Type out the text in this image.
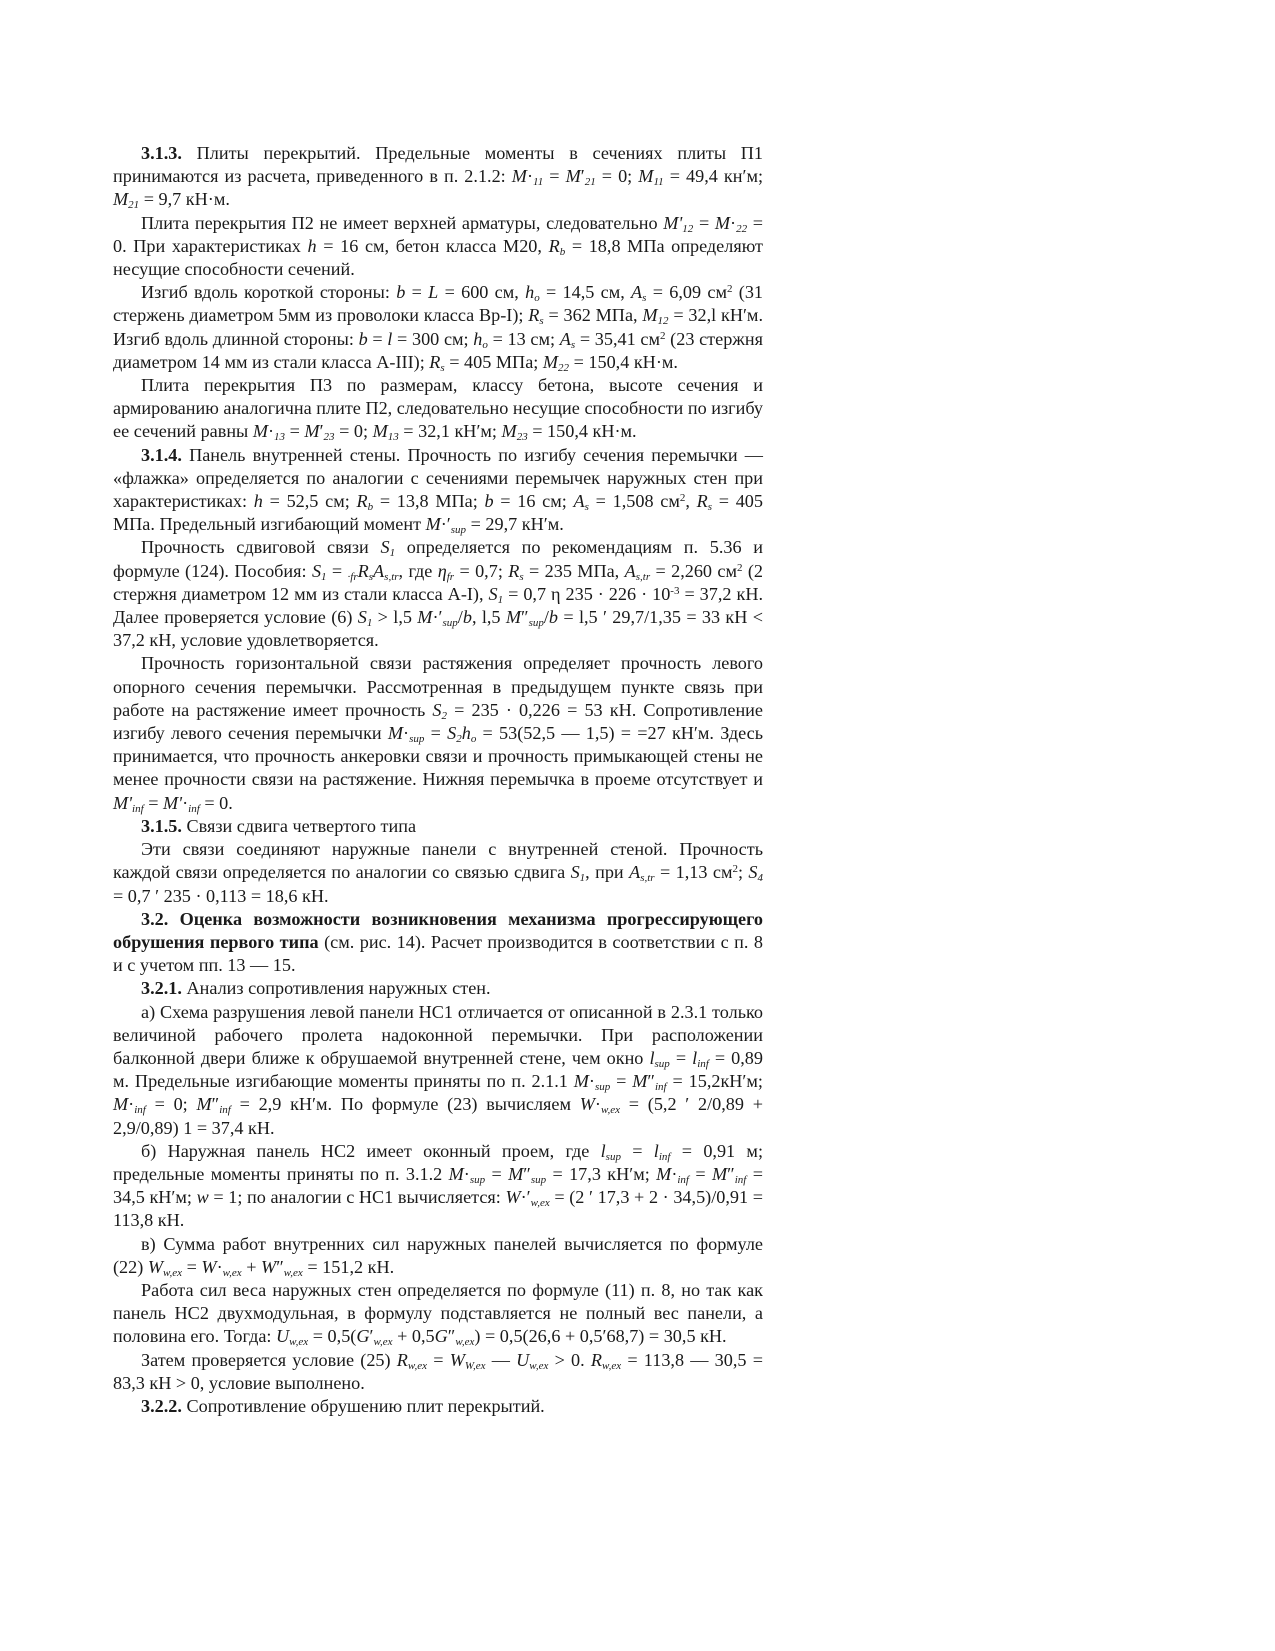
3.1.3. Плиты перекрытий. Предельные моменты в сечениях плиты П1 принимаются из расчета, приведенного в п. 2.1.2: $M\cdot_{11} = M'_{21} = 0$; $M_{11} = 49,4$ кн′м; $M_{21} = 9,7$ кН·м.

Плита перекрытия П2 не имеет верхней арматуры, следовательно $M'_{12} = M\cdot_{22} = 0$. При характеристиках h = 16 см, бетон класса М20, $R_b = 18,8$ МПа определяют несущие способности сечений.

Изгиб вдоль короткой стороны: b = L = 600 см, $h_o = 14,5$ см, $A_s = 6,09$ $см^2$ (31 стержень диаметром 5мм из проволоки класса Вр-I); $R_s = 362$ МПа, $M_{12} = 32,l$ кН′м. Изгиб вдоль длинной стороны: b = l = 300 см; $h_o = 13$ см; $A_s = 35,41$ $см^2$ (23 стержня диаметром 14 мм из стали класса А-III); $R_s = 405$ МПа; $M_{22} = 150,4$ кН·м.

Плита перекрытия П3 по размерам, классу бетона, высоте сечения и армированию аналогична плите П2, следовательно несущие способности по изгибу ее сечений равны $M\cdot_{13} = M'_{23} = 0$; $M_{13} = 32,1$ кН′м; $M_{23} = 150,4$ кН·м.

3.1.4. Панель внутренней стены. Прочность по изгибу сечения перемычки — «флажка» определяется по аналогии с сечениями перемычек наружных стен при характеристиках: h = 52,5 см; $R_b = 13,8$ МПа; b = 16 см; $A_s = 1,508$ $см^2$, $R_s = 405$ МПа. Предельный изгибающий момент $M\cdot'_{sup} = 29,7$ кН′м.

Прочность сдвиговой связи $S_1$ определяется по рекомендациям п. 5.36 и формуле (124). Пособия: $S_1 = _{\cdot fr}R_sA_{s,tr}$, где $\eta_{fr} = 0,7$; $R_s = 235$ МПа, $A_{s,tr} = 2,260$ $см^2$ (2 стержня диаметром 12 мм из стали класса А-I), $S_1 = 0,7$ η $235 \cdot 226 \cdot 10^{-3} = 37,2$ кН. Далее проверяется условие (6) $S_1 > l,5$ $M\cdot'_{sup}/b$, l,5 $M''_{sup}/b = l,5$ ′ 29,7/1,35 = 33 кН < 37,2 кН, условие удовлетворяется.

Прочность горизонтальной связи растяжения определяет прочность левого опорного сечения перемычки. Рассмотренная в предыдущем пункте связь при работе на растяжение имеет прочность $S_2 = 235 \cdot 0,226 = 53$ кН. Сопротивление изгибу левого сечения перемычки $M\cdot_{sup} = S_2h_o = 53(52,5$ — 1,5) = =27 кН′м. Здесь принимается, что прочность анкеровки связи и прочность примыкающей стены не менее прочности связи на растяжение. Нижняя перемычка в проеме отсутствует и $M'_{inf} = M'\cdot_{inf} = 0$.

3.1.5. Связи сдвига четвертого типа

Эти связи соединяют наружные панели с внутренней стеной. Прочность каждой связи определяется по аналогии со связью сдвига $S_1$, при $A_{s,tr} = 1,13$ $см^2$; $S_4 = 0,7$ ′ 235 · 0,113 = 18,6 кН.

3.2. Оценка возможности возникновения механизма прогрессирующего обрушения первого типа (см. рис. 14). Расчет производится в соответствии с п. 8 и с учетом пп. 13 — 15.

3.2.1. Анализ сопротивления наружных стен.

а) Схема разрушения левой панели НС1 отличается от описанной в 2.3.1 только величиной рабочего пролета надоконной перемычки. При расположении балконной двери ближе к обрушаемой внутренней стене, чем окно $l_{sup} = l_{inf} = 0,89$ м. Предельные изгибающие моменты приняты по п. 2.1.1 $M\cdot_{sup} = M''_{inf} = 15,2кН'м$; $M\cdot_{inf} = 0$; $M''_{inf} = 2,9$ кН′м. По формуле (23) вычисляем $W\cdot_{w,ex} = (5,2$ ′ 2/0,89 + 2,9/0,89) 1 = 37,4 кН.

б) Наружная панель НС2 имеет оконный проем, где $l_{sup} = l_{inf} = 0,91$ м; предельные моменты приняты по п. 3.1.2 $M\cdot_{sup} = M''_{sup} = 17,3$ кН′м; $M\cdot_{inf} = M''_{inf} = 34,5$ кН′м; w = 1; по аналогии с НС1 вычисляется: $W\cdot'_{w,ex} = (2$ ′ 17,3 + 2 · 34,5)/0,91 = 113,8 кН.

в) Сумма работ внутренних сил наружных панелей вычисляется по формуле (22) $W_{w,ex} = W\cdot_{w,ex} + W''_{w,ex} = 151,2$ кН.

Работа сил веса наружных стен определяется по формуле (11) п. 8, но так как панель НС2 двухмодульная, в формулу подставляется не полный вес панели, а половина его. Тогда: $U_{w,ex} = 0,5(G'_{w,ex} + 0,5G''_{w,ex}) = 0,5(26,6 + 0,5'68,7) = 30,5$ кН.

Затем проверяется условие (25) $R_{w,ex} = W_{W,ex}$ — $U_{w,ex} > 0$. $R_{w,ex} = 113,8$ — 30,5 = 83,3 кН > 0, условие выполнено.

3.2.2. Сопротивление обрушению плит перекрытий.
